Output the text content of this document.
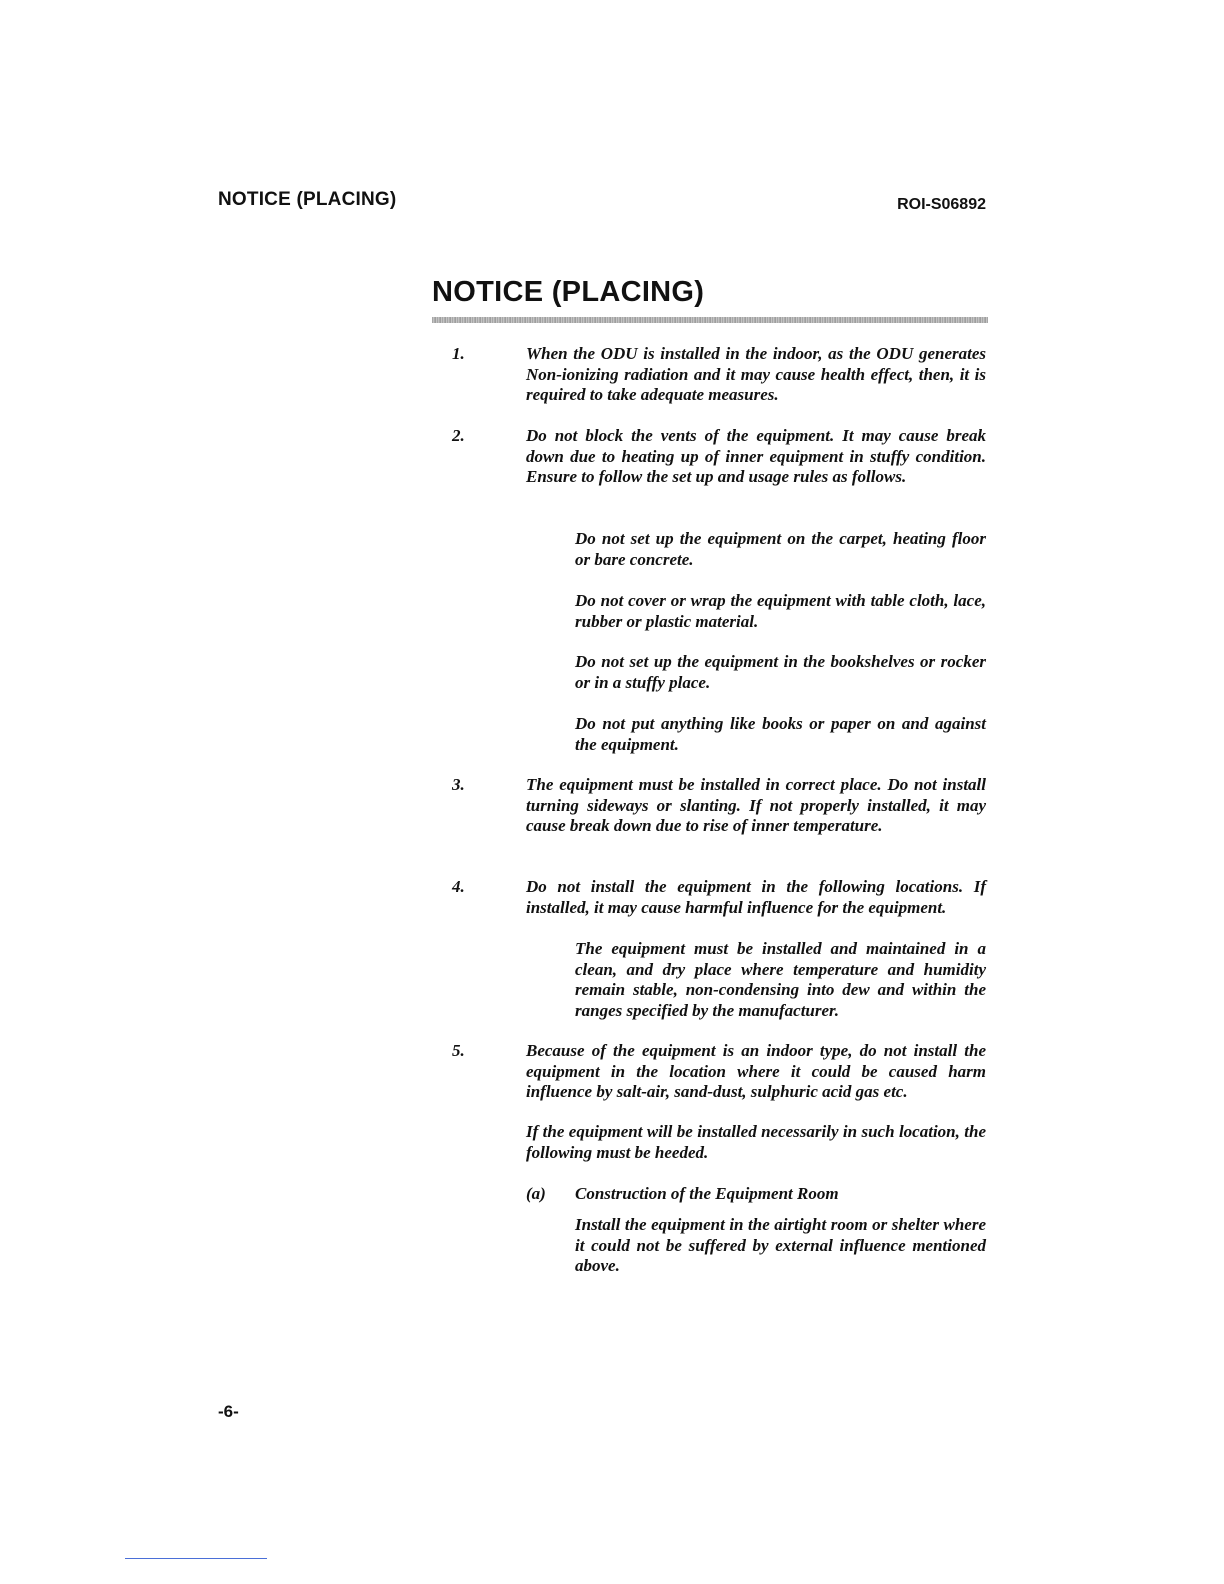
NOTICE (PLACING)	ROI-S06892
NOTICE (PLACING)
1.	When the ODU is installed in the indoor, as the ODU generates Non-ionizing radiation and it may cause health effect, then, it is required to take adequate measures.

2.	Do not block the vents of the equipment. It may cause break down due to heating up of inner equipment in stuffy condition. Ensure to follow the set up and usage rules as follows.

Do not set up the equipment on the carpet, heating floor or bare concrete.

Do not cover or wrap the equipment with table cloth, lace, rubber or plastic material.

Do not set up the equipment in the bookshelves or rocker or in a stuffy place.

Do not put anything like books or paper on and against the equipment.

3.	The equipment must be installed in correct place. Do not install turning sideways or slanting. If not properly installed, it may cause break down due to rise of inner temperature.

4.	Do not install the equipment in the following locations. If installed, it may cause harmful influence for the equipment.

The equipment must be installed and maintained in a clean, and dry place where temperature and humidity remain stable, non-condensing into dew and within the ranges specified by the manufacturer.

5.	Because of the equipment is an indoor type, do not install the equipment in the location where it could be caused harm influence by salt-air, sand-dust, sulphuric acid gas etc.

If the equipment will be installed necessarily in such location, the following must be heeded.

(a) Construction of the Equipment Room

Install the equipment in the airtight room or shelter where it could not be suffered by external influence mentioned above.

-6-
